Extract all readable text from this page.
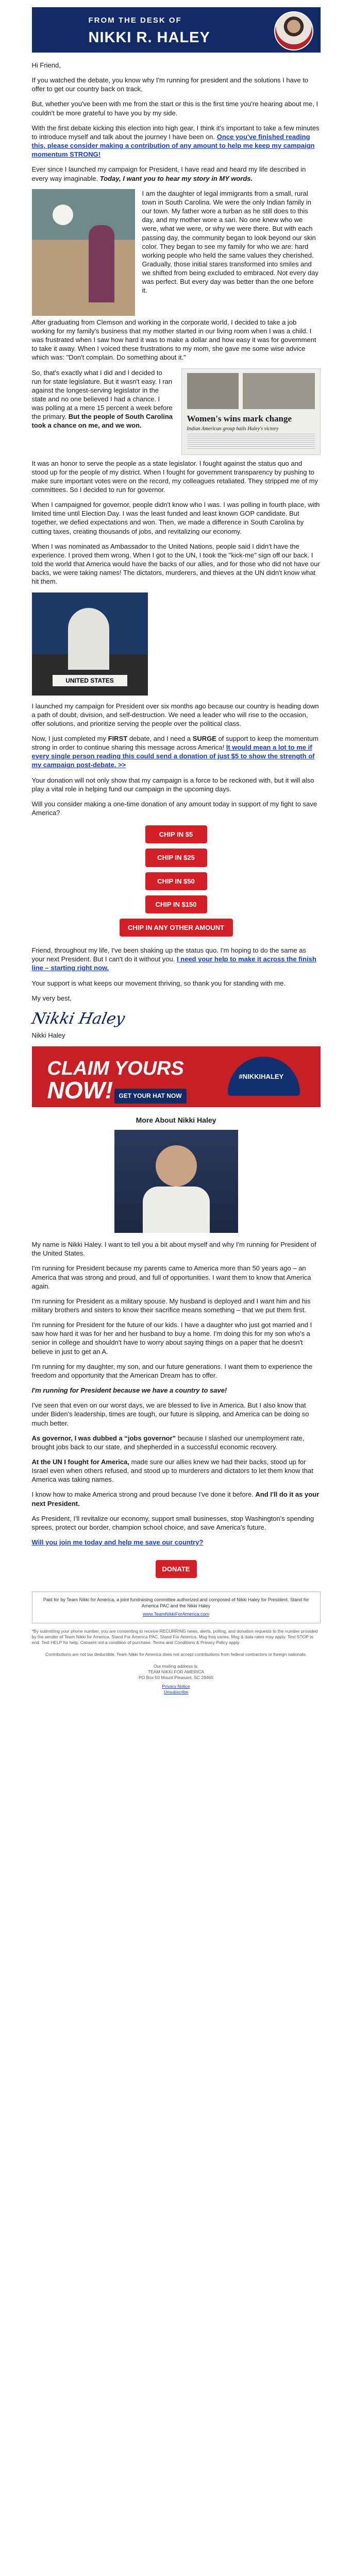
FROM THE DESK OF
NIKKI R. HALEY

Hi Friend,

If you watched the debate, you know why I'm running for president and the solutions I have to offer to get our country back on track.

But, whether you've been with me from the start or this is the first time you're hearing about me, I couldn't be more grateful to have you by my side.

With the first debate kicking this election into high gear, I think it's important to take a few minutes to introduce myself and talk about the journey I have been on. Once you've finished reading this, please consider making a contribution of any amount to help me keep my campaign momentum STRONG!

Ever since I launched my campaign for President, I have read and heard my life described in every way imaginable. Today, I want you to hear my story in MY words.

I am the daughter of legal immigrants from a small, rural town in South Carolina. We were the only Indian family in our town. My father wore a turban as he still does to this day, and my mother wore a sari. No one knew who we were, what we were, or why we were there. But with each passing day, the community began to look beyond our skin color. They began to see my family for who we are: hard working people who held the same values they cherished. Gradually, those initial stares transformed into smiles and we shifted from being excluded to embraced. Not every day was perfect. But every day was better than the one before it.

After graduating from Clemson and working in the corporate world, I decided to take a job working for my family's business that my mother started in our living room when I was a child. I was frustrated when I saw how hard it was to make a dollar and how easy it was for government to take it away. When I voiced these frustrations to my mom, she gave me some wise advice which was: "Don't complain. Do something about it."

So, that's exactly what I did and I decided to run for state legislature. But it wasn't easy. I ran against the longest-serving legislator in the state and no one believed I had a chance. I was polling at a mere 15 percent a week before the primary. But the people of South Carolina took a chance on me, and we won.

Women's wins mark change
Indian American group hails Haley's victory

It was an honor to serve the people as a state legislator. I fought against the status quo and stood up for the people of my district. When I fought for government transparency by pushing to make sure important votes were on the record, my colleagues retaliated. They stripped me of my committees. So I decided to run for governor.

When I campaigned for governor, people didn't know who I was. I was polling in fourth place, with limited time until Election Day. I was the least funded and least known GOP candidate. But together, we defied expectations and won. Then, we made a difference in South Carolina by cutting taxes, creating thousands of jobs, and revitalizing our economy.

When I was nominated as Ambassador to the United Nations, people said I didn't have the experience. I proved them wrong. When I got to the UN, I took the "kick-me" sign off our back. I told the world that America would have the backs of our allies, and for those who did not have our backs, we were taking names! The dictators, murderers, and thieves at the UN didn't know what hit them.

UNITED STATES

I launched my campaign for President over six months ago because our country is heading down a path of doubt, division, and self-destruction. We need a leader who will rise to the occasion, offer solutions, and prioritize serving the people over the political class.

Now, I just completed my FIRST debate, and I need a SURGE of support to keep the momentum strong in order to continue sharing this message across America! It would mean a lot to me if every single person reading this could send a donation of just $5 to show the strength of my campaign post-debate. >>

Your donation will not only show that my campaign is a force to be reckoned with, but it will also play a vital role in helping fund our campaign in the upcoming days.

Will you consider making a one-time donation of any amount today in support of my fight to save America?

CHIP IN $5
CHIP IN $25
CHIP IN $50
CHIP IN $150
CHIP IN ANY OTHER AMOUNT

Friend, throughout my life, I've been shaking up the status quo. I'm hoping to do the same as your next President. But I can't do it without you. I need your help to make it across the finish line – starting right now.

Your support is what keeps our movement thriving, so thank you for standing with me.

My very best,

Nikki Haley

Nikki Haley

CLAIM YOURS
NOW!
#NIKKIHALEY
GET YOUR HAT NOW
More About Nikki Haley

My name is Nikki Haley. I want to tell you a bit about myself and why I'm running for President of the United States.

I'm running for President because my parents came to America more than 50 years ago – an America that was strong and proud, and full of opportunities. I want them to know that America again.

I'm running for President as a military spouse. My husband is deployed and I want him and his military brothers and sisters to know their sacrifice means something – that we put them first.

I'm running for President for the future of our kids. I have a daughter who just got married and I saw how hard it was for her and her husband to buy a home. I'm doing this for my son who's a senior in college and shouldn't have to worry about saying things on a paper that he doesn't believe in just to get an A.

I'm running for my daughter, my son, and our future generations. I want them to experience the freedom and opportunity that the American Dream has to offer.

I'm running for President because we have a country to save!

I've seen that even on our worst days, we are blessed to live in America. But I also know that under Biden's leadership, times are tough, our future is slipping, and America can be doing so much better.

As governor, I was dubbed a “jobs governor” because I slashed our unemployment rate, brought jobs back to our state, and shepherded in a successful economic recovery.

At the UN I fought for America, made sure our allies knew we had their backs, stood up for Israel even when others refused, and stood up to murderers and dictators to let them know that America was taking names.

I know how to make America strong and proud because I've done it before. And I'll do it as your next President.

As President, I'll revitalize our economy, support small businesses, stop Washington's spending sprees, protect our border, champion school choice, and save America's future.

Will you join me today and help me save our country?

DONATE
Paid for by Team Nikki for America, a joint fundraising committee authorized and composed of Nikki Haley for President, Stand for America PAC and the Nikki Haley
www.TeamNikkiForAmerica.com

*By submitting your phone number, you are consenting to receive RECURRING news, alerts, polling, and donation requests to the number provided by the sender of Team Nikki for America, Stand For America PAC, Stand For America. Msg freq varies. Msg & data rates may apply. Text STOP to end. Text HELP for help. Consent not a condition of purchase. Terms and Conditions & Privacy Policy apply.

Contributions are not tax deductible. Team Nikki for America does not accept contributions from federal contractors or foreign nationals.

Our mailing address is:
TEAM NIKKI FOR AMERICA
PO Box 50 Mount Pleasant, SC 29465
Privacy Notice
Unsubscribe
